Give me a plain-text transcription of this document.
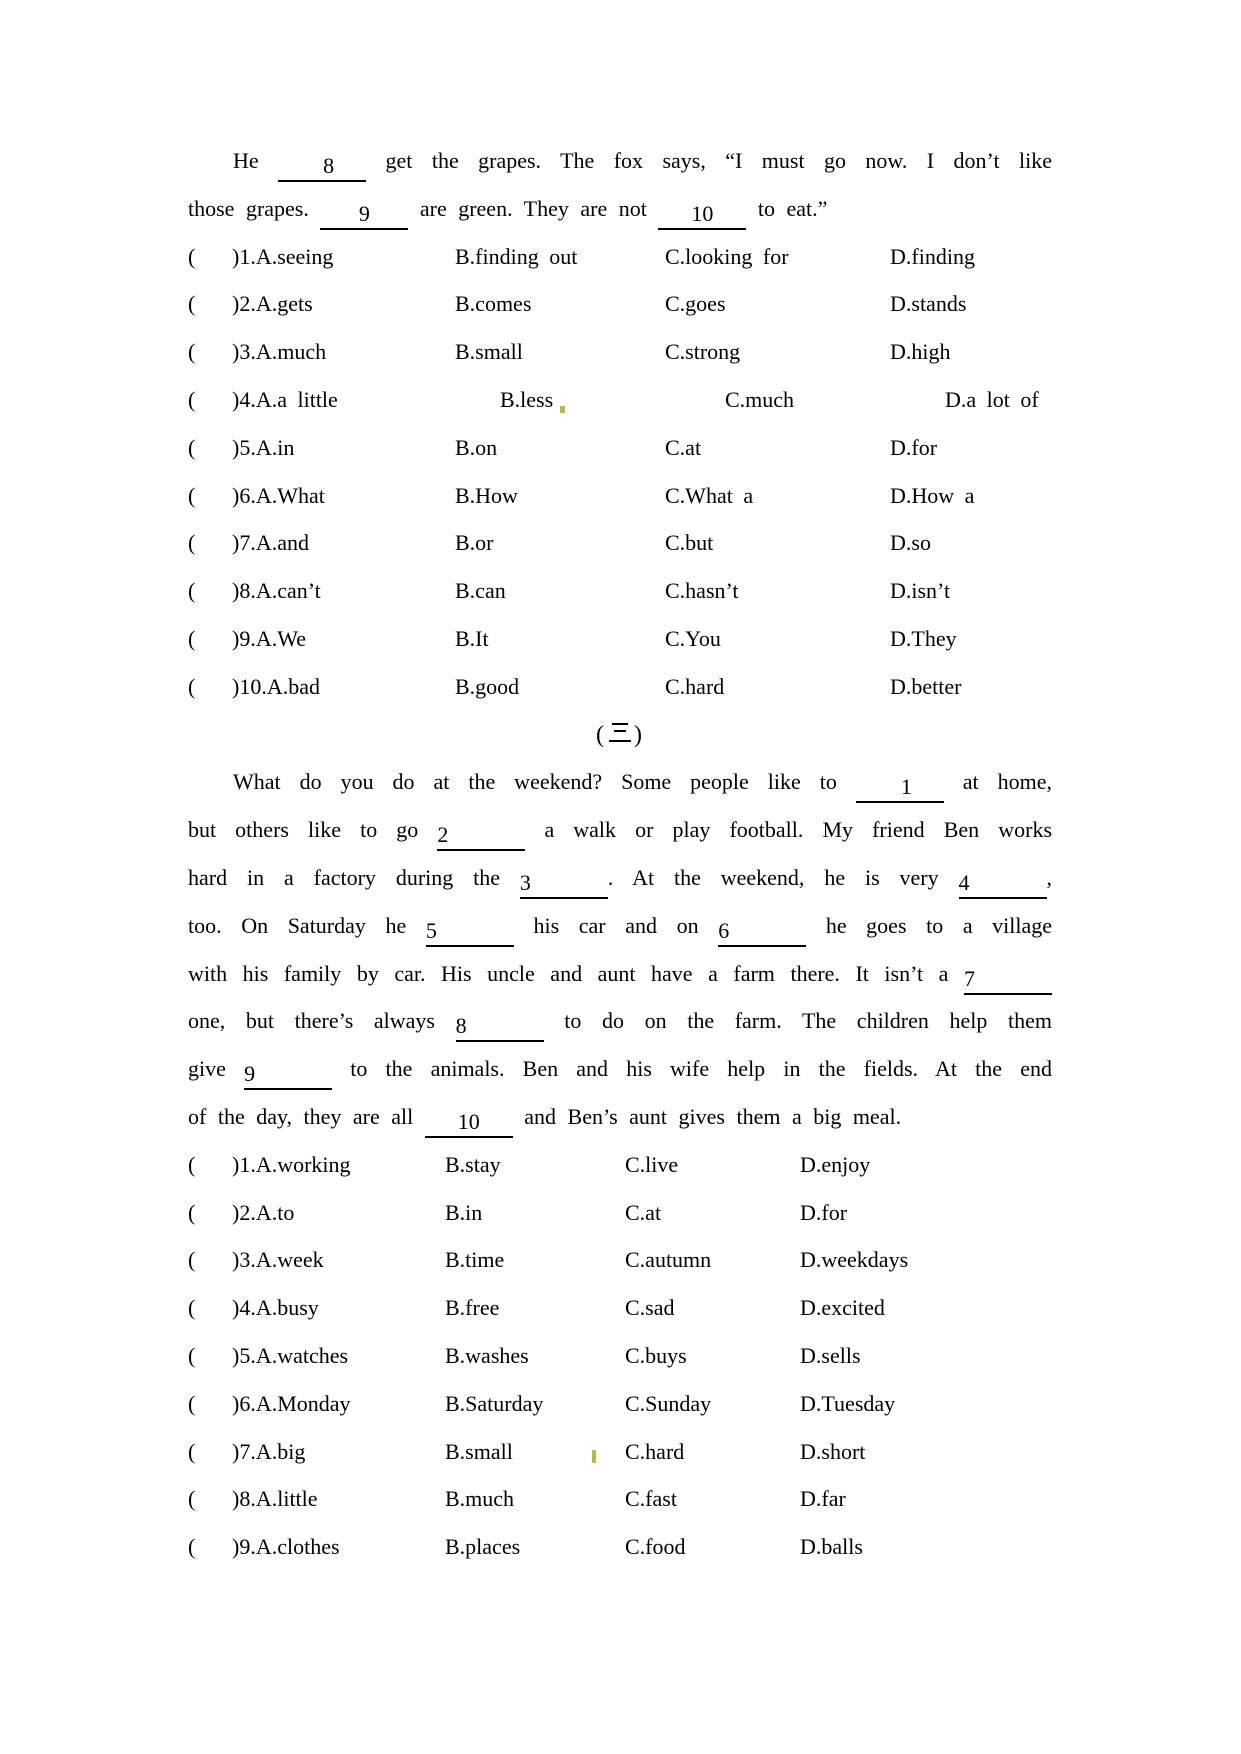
He	8 get the grapes. The fox says, “I must go now. I don’t like
those grapes. 9 are green. They are not 10 to eat.”
( )1.A.seeing	B.finding out	C.looking for	D.finding
( )2.A.gets	B.comes	C.goes	D.stands
( )3.A.much	B.small	C.strong	D.high
( )4.A.a little	B.less	C.much	D.a lot of
( )5.A.in	B.on	C.at	D.for
( )6.A.What	B.How	C.What a	D.How a
( )7.A.and	B.or	C.but	D.so
( )8.A.can’t	B.can	C.hasn’t	D.isn’t
( )9.A.We	B.It	C.You	D.They
( )10.A.bad	B.good	C.hard	D.better
( )
What do you do at the weekend? Some people like to	1 at home,
but others like to go 2	a walk or play football. My friend Ben works
hard in a factory during the 3	. At the weekend, he is very 4	,
too. On Saturday he 5	his car and on 6	he goes to a village
with his family by car. His uncle and aunt have a farm there. It isn’t a 7
one, but there’s always 8	to do on the farm. The children help them
give 9	to the animals. Ben and his wife help in the fields. At the end
of the day, they are all 10 and Ben’s aunt gives them a big meal.
( )1.A.working	B.stay	C.live	D.enjoy
( )2.A.to	B.in	C.at	D.for
( )3.A.week	B.time	C.autumn	D.weekdays
( )4.A.busy	B.free	C.sad	D.excited
( )5.A.watches	B.washes	C.buys	D.sells
( )6.A.Monday	B.Saturday	C.Sunday	D.Tuesday
( )7.A.big	B.small	C.hard	D.short
( )8.A.little	B.much	C.fast	D.far
( )9.A.clothes	B.places	C.food	D.balls
